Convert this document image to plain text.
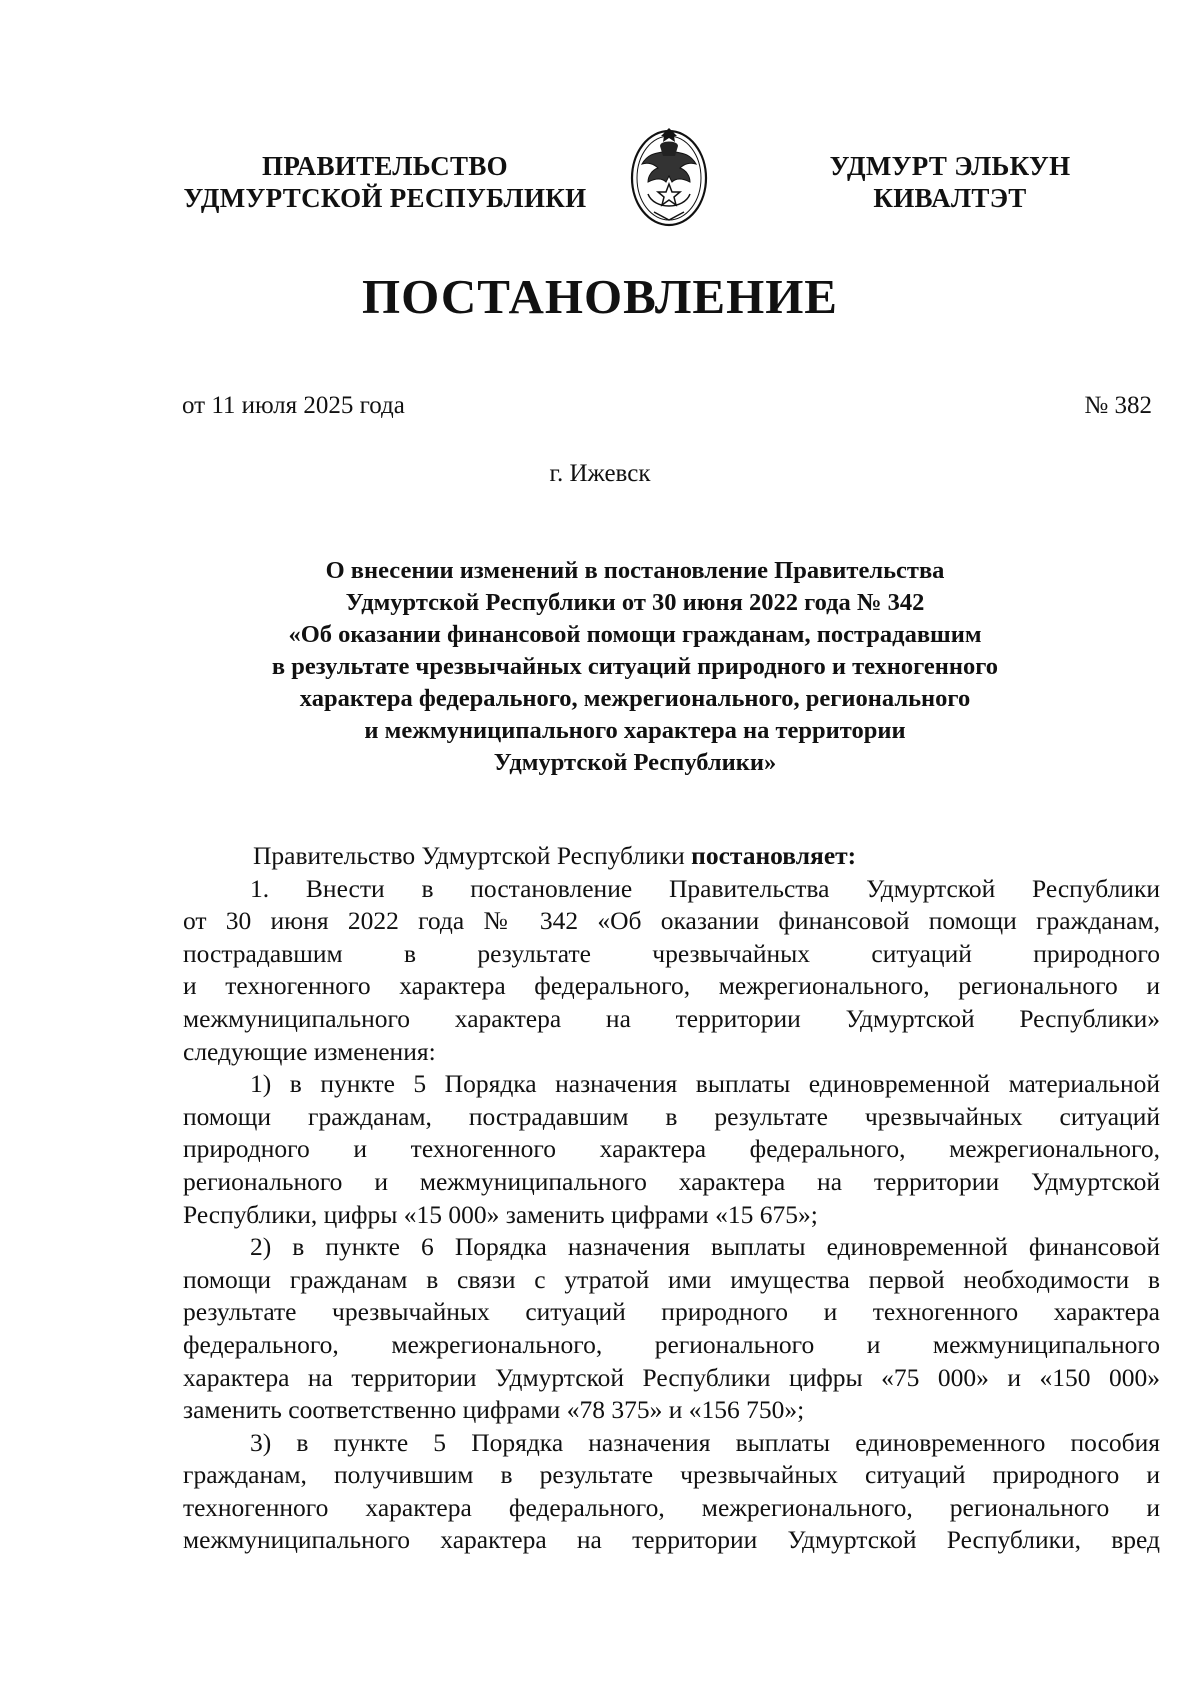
ПРАВИТЕЛЬСТВО
УДМУРТСКОЙ РЕСПУБЛИКИ
УДМУРТ ЭЛЬКУН
КИВАЛТЭТ
ПОСТАНОВЛЕНИЕ
от 11 июля 2025 года	№ 382
г. Ижевск
О внесении изменений в постановление Правительства
Удмуртской Республики от 30 июня 2022 года № 342
«Об оказании финансовой помощи гражданам, пострадавшим
в результате чрезвычайных ситуаций природного и техногенного
характера федерального, межрегионального, регионального
и межмуниципального характера на территории
Удмуртской Республики»
Правительство Удмуртской Республики постановляет:
1. Внести в постановление Правительства Удмуртской Республики
от 30 июня 2022 года № 342 «Об оказании финансовой помощи гражданам,
пострадавшим в результате чрезвычайных ситуаций природного
и техногенного характера федерального, межрегионального, регионального и
межмуниципального характера на территории Удмуртской Республики»
следующие изменения:
1) в пункте 5 Порядка назначения выплаты единовременной материальной
помощи гражданам, пострадавшим в результате чрезвычайных ситуаций
природного и техногенного характера федерального, межрегионального,
регионального и межмуниципального характера на территории Удмуртской
Республики, цифры «15 000» заменить цифрами «15 675»;
2) в пункте 6 Порядка назначения выплаты единовременной финансовой
помощи гражданам в связи с утратой ими имущества первой необходимости в
результате чрезвычайных ситуаций природного и техногенного характера
федерального, межрегионального, регионального и межмуниципального
характера на территории Удмуртской Республики цифры «75 000» и «150 000»
заменить соответственно цифрами «78 375» и «156 750»;
3) в пункте 5 Порядка назначения выплаты единовременного пособия
гражданам, получившим в результате чрезвычайных ситуаций природного и
техногенного характера федерального, межрегионального, регионального и
межмуниципального характера на территории Удмуртской Республики, вред
